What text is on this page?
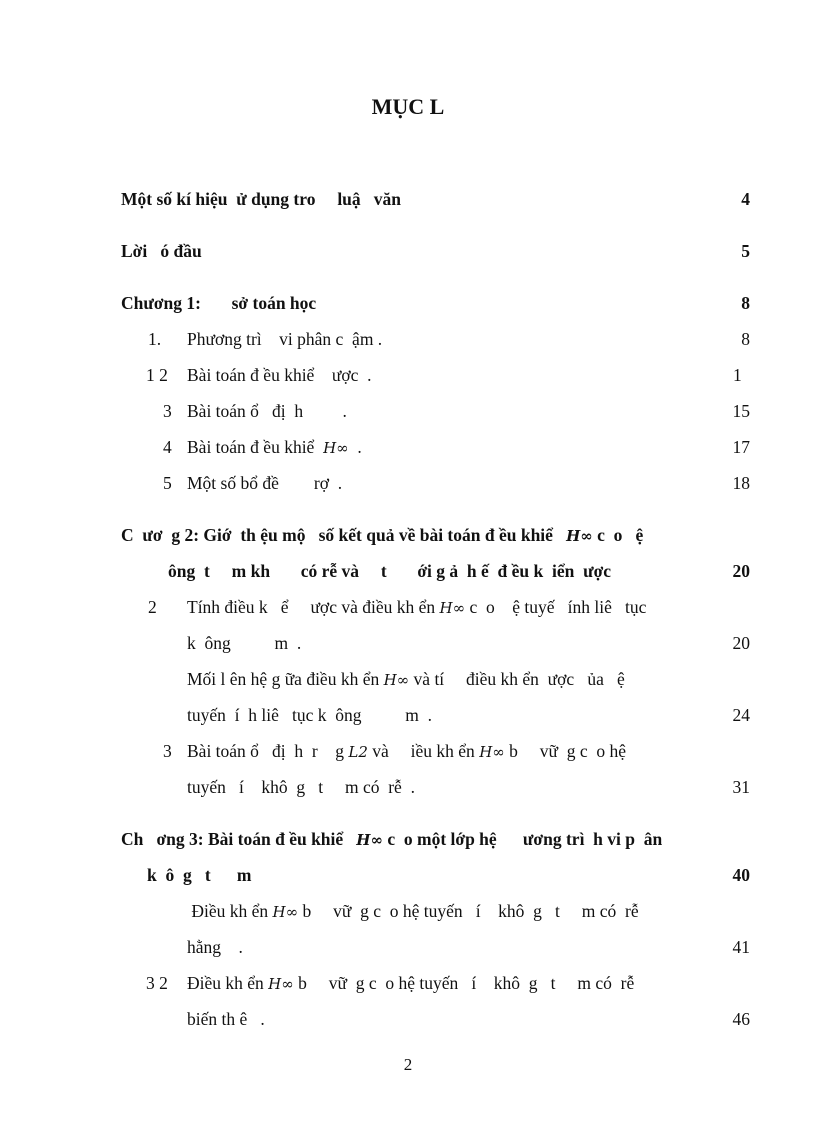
MỤC L
Một số kí hiệu  ử dụng tro     luậ   văn	4
Lời   ó đầu	5
Chương 1:       sở toán học	8
1. Phương trì    vi phân c  ậm .	8
1 2 Bài toán đ ều khiể    ược  .	1
3 Bài toán ổ   đị  h         .	15
4 Bài toán đ ều khiể  H∞  .	17
5 Một số bổ đề        rợ  .	18
C  ươ  g 2: Giớ  th ệu mộ   số kết quả về bài toán đ ều khiể   H∞ c  o   ệ
ông  t     m kh       có rễ và     t       ới g ả  h ế  đ ều k  iển  ược	20
2 Tính điều k   ể     ược và điều kh ển H∞ c  o    ệ tuyế   ính liê   tục
k  ông          m  .	20
Mối l ên hệ g ữa điều kh ển H∞ và tí     điều kh ển  ược   ủa   ệ
tuyến  í  h liê   tục k  ông          m  .	24
3 Bài toán ổ   đị  h  r    g L2 và     iều kh ển H∞ b     vữ  g c  o hệ
tuyến   í    khô  g   t     m có  rễ  .	31
Ch   ơng 3: Bài toán đ ều khiể   H∞ c  o một lớp hệ      ương trì  h vi p  ân
k  ô  g   t      m	40
Điều kh ển H∞ b     vữ  g c  o hệ tuyến   í    khô  g   t     m có  rễ
hằng    .	41
3 2 Điều kh ển H∞ b     vữ  g c  o hệ tuyến   í    khô  g   t     m có  rễ
biến th ê   .	46
2
